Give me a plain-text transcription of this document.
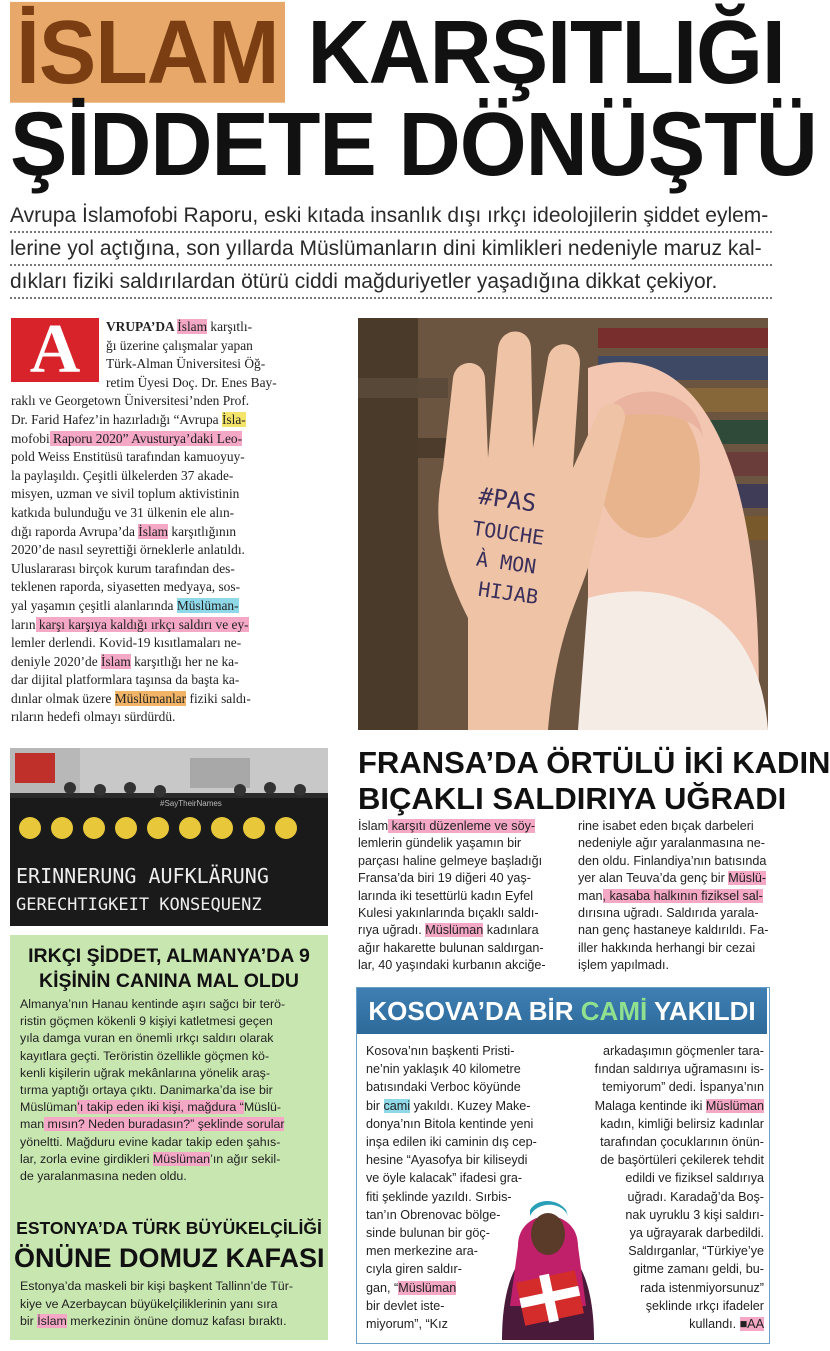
İSLAM KARŞITLIĞI
ŞİDDETE DÖNÜŞTÜ
Avrupa İslamofobi Raporu, eski kıtada insanlık dışı ırkçı ideolojilerin şiddet eylem-
lerine yol açtığına, son yıllarda Müslümanların dini kimlikleri nedeniyle maruz kal-
dıkları fiziki saldırılardan ötürü ciddi mağduriyetler yaşadığına dikkat çekiyor.
A	VRUPA’DA İslam karşıtlı-
ğı üzerine çalışmalar yapan
Türk-Alman Üniversitesi Öğ-
retim Üyesi Doç. Dr. Enes Bay-
raklı ve Georgetown Üniversitesi’nden Prof.
Dr. Farid Hafez’in hazırladığı “Avrupa İsla-
mofobi Raporu 2020” Avusturya’daki Leo-
pold Weiss Enstitüsü tarafından kamuoyuy-
la paylaşıldı. Çeşitli ülkelerden 37 akade-
misyen, uzman ve sivil toplum aktivistinin
katkıda bulunduğu ve 31 ülkenin ele alın-
dığı raporda Avrupa’da İslam karşıtlığının
2020’de nasıl seyrettiği örneklerle anlatıldı.
Uluslararası birçok kurum tarafından des-
teklenen raporda, siyasetten medyaya, sos-
yal yaşamın çeşitli alanlarında Müslüman-
ların karşı karşıya kaldığı ırkçı saldırı ve ey-
lemler derlendi. Kovid-19 kısıtlamaları ne-
deniyle 2020’de İslam karşıtlığı her ne ka-
dar dijital platformlara taşınsa da başta ka-
dınlar olmak üzere Müslümanlar fiziki saldı-
rıların hedefi olmayı sürdürdü.
#PAS
TOUCHE
À MON
HIJAB
FRANSA’DA ÖRTÜLÜ İKİ KADIN
BIÇAKLI SALDIRIYA UĞRADI
İslam karşıtı düzenleme ve söy-
lemlerin gündelik yaşamın bir
parçası haline gelmeye başladığı
Fransa’da biri 19 diğeri 40 yaş-
larında iki tesettürlü kadın Eyfel
Kulesi yakınlarında bıçaklı saldı-
rıya uğradı. Müslüman kadınlara
ağır hakarette bulunan saldırgan-
lar, 40 yaşındaki kurbanın akciğe-
rine isabet eden bıçak darbeleri
nedeniyle ağır yaralanmasına ne-
den oldu. Finlandiya’nın batısında
yer alan Teuva’da genç bir Müslü-
man, kasaba halkının fiziksel sal-
dırısına uğradı. Saldırıda yarala-
nan genç hastaneye kaldırıldı. Fa-
iller hakkında herhangi bir cezai
işlem yapılmadı.
#SayTheirNames
ERINNERUNG AUFKLÄRUNG
GERECHTIGKEIT KONSEQUENZ
IRKÇI ŞİDDET, ALMANYA’DA 9
KİŞİNİN CANINA MAL OLDU
Almanya’nın Hanau kentinde aşırı sağcı bir terö-
ristin göçmen kökenli 9 kişiyi katletmesi geçen
yıla damga vuran en önemli ırkçı saldırı olarak
kayıtlara geçti. Teröristin özellikle göçmen kö-
kenli kişilerin uğrak mekânlarına yönelik araş-
tırma yaptığı ortaya çıktı. Danimarka’da ise bir
Müslüman’ı takip eden iki kişi, mağdura “Müslü-
man mısın? Neden buradasın?” şeklinde sorular
yöneltti. Mağduru evine kadar takip eden şahıs-
lar, zorla evine girdikleri Müslüman’ın ağır sekil-
de yaralanmasına neden oldu.
ESTONYA’DA TÜRK BÜYÜKELÇİLİĞİ
ÖNÜNE DOMUZ KAFASI
Estonya’da maskeli bir kişi başkent Tallinn’de Tür-
kiye ve Azerbaycan büyükelçiliklerinin yanı sıra
bir İslam merkezinin önüne domuz kafası bıraktı.
KOSOVA’DA BİR CAMİ YAKILDI
Kosova’nın başkenti Pristi-
ne’nin yaklaşık 40 kilometre
batısındaki Verboc köyünde
bir cami yakıldı. Kuzey Make-
donya’nın Bitola kentinde yeni
inşa edilen iki caminin dış cep-
hesine “Ayasofya bir kiliseydi
ve öyle kalacak” ifadesi gra-
fiti şeklinde yazıldı. Sırbis-
tan’ın Obrenovac bölge-
sinde bulunan bir göç-
men merkezine ara-
cıyla giren saldır-
gan, “Müslüman
bir devlet iste-
miyorum”, “Kız
arkadaşımın göçmenler tara-
fından saldırıya uğramasını is-
temiyorum” dedi. İspanya’nın
Malaga kentinde iki Müslüman
kadın, kimliği belirsiz kadınlar
tarafından çocuklarının önün-
de başörtüleri çekilerek tehdit
edildi ve fiziksel saldırıya
uğradı. Karadağ’da Boş-
nak uyruklu 3 kişi saldırı-
ya uğrayarak darbedildi.
Saldırganlar, “Türkiye’ye
gitme zamanı geldi, bu-
rada istenmiyorsunuz”
şeklinde ırkçı ifadeler
kullandı. ■AA
